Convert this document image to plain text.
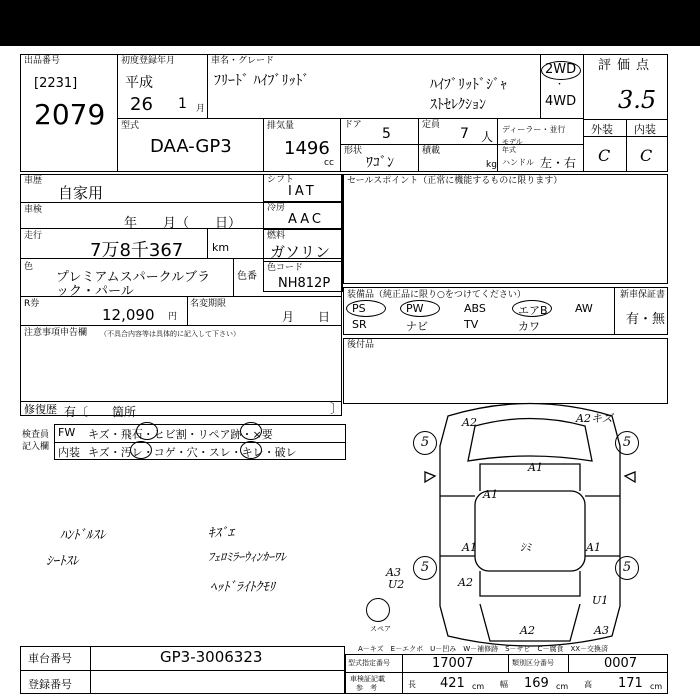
出品番号
[2231]
2079
初度登録年月
平成
26 1 月
車名・グレード
ﾌﾘｰﾄﾞ ﾊｲﾌﾞﾘｯﾄﾞ	ﾊｲﾌﾞﾘｯﾄﾞｼﾞｬ
ｽﾄｾﾚｸｼｮﾝ
2WD
・
4WD
評価点
3.5
型式
DAA-GP3
排気量
1496
cc
ドア
5
定員
7 人
形状
ﾜｺﾞﾝ
積載
kg
ディーラー・並行
モデル
年式
ハンドル 左・右
外装 内装
C C
車歴
自家用
車検
年　　月（　　日）
走行
7万8千367	km
色
プレミアムスパークルブラ
ック・パール
色番
R券
12,090 円
名変期限
月　　日
注意事項申告欄 （不具合内容等は具体的に記入して下さい）
修復歴 有〔　　箇所	〕
シフト
IAT
冷房
AAC
燃料
ガソリン
色コード
NH812P
セールスポイント（正常に機能するものに限ります）
装備品（純正品に限り○をつけてください）	新車保証書
有・無
後付品
検査員
記入欄
FW キズ・飛石・ヒビ割・リペア跡・×要
内装 キズ・汚レ・コゲ・穴・スレ・キレ・破レ
ﾊﾝﾄﾞﾙｽﾚ
ｼｰﾄｽﾚ
ｷｽﾞｴ
ﾌｪﾛﾐﾗｰｳｨﾝｶｰﾜﾚ
ﾍｯﾄﾞﾗｲﾄｸﾓﾘ
A2	A2キズ
A1
A1
ｼﾐ
A1	A1
A2
A3
U2
U1
A2	A3
5	5
5	5
スペア
A－キズ　E－エクボ　U－凹み　W－補修跡　S－サビ　C－腐食　XX－交換済
車台番号	GP3-3006323
登録番号
型式指定番号	17007	類別区分番号	0007
車検証記載
参　考	長 421 cm 幅 169 cm 高 171 cm
PS	PW	ABS	エアB AW
SR	ナビ	TV	カワ
